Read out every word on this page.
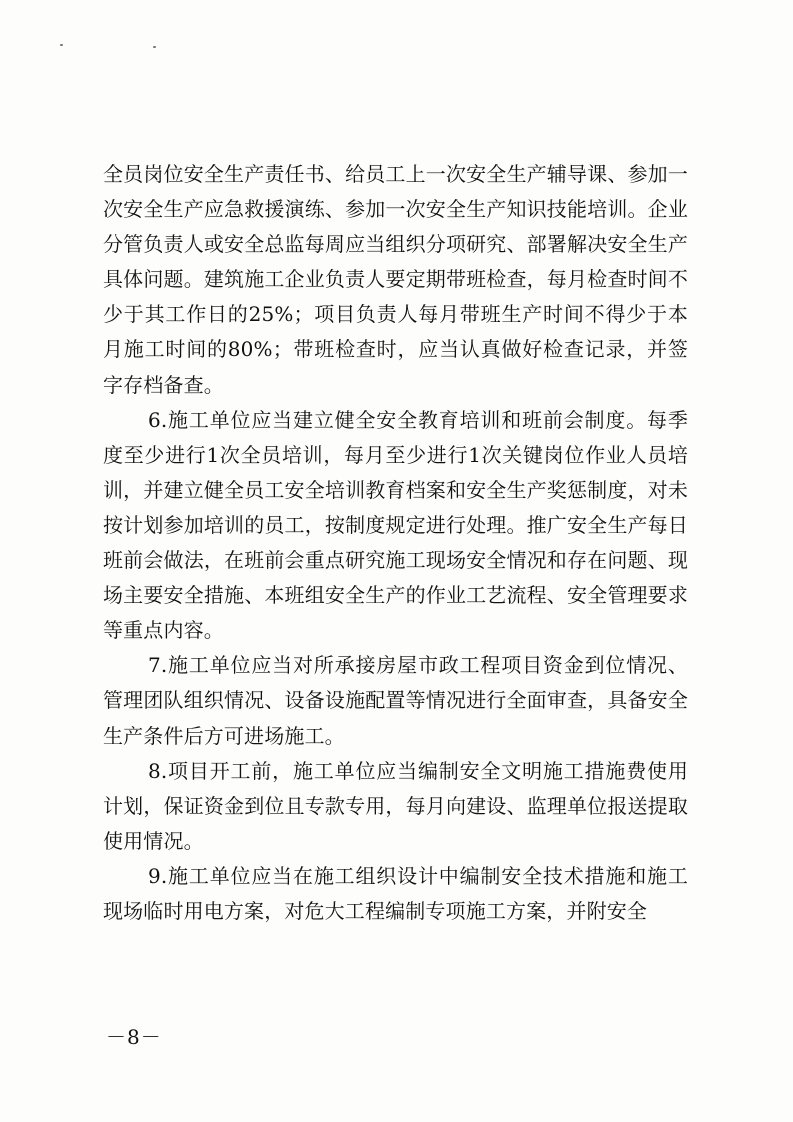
全员岗位安全生产责任书、给员工上一次安全生产辅导课、参加一次安全生产应急救援演练、参加一次安全生产知识技能培训。企业分管负责人或安全总监每周应当组织分项研究、部署解决安全生产具体问题。建筑施工企业负责人要定期带班检查，每月检查时间不少于其工作日的25%；项目负责人每月带班生产时间不得少于本月施工时间的80%；带班检查时，应当认真做好检查记录，并签字存档备查。

6.施工单位应当建立健全安全教育培训和班前会制度。每季度至少进行1次全员培训，每月至少进行1次关键岗位作业人员培训，并建立健全员工安全培训教育档案和安全生产奖惩制度，对未按计划参加培训的员工，按制度规定进行处理。推广安全生产每日班前会做法，在班前会重点研究施工现场安全情况和存在问题、现场主要安全措施、本班组安全生产的作业工艺流程、安全管理要求等重点内容。

7.施工单位应当对所承接房屋市政工程项目资金到位情况、管理团队组织情况、设备设施配置等情况进行全面审查，具备安全生产条件后方可进场施工。

8.项目开工前，施工单位应当编制安全文明施工措施费使用计划，保证资金到位且专款专用，每月向建设、监理单位报送提取使用情况。

9.施工单位应当在施工组织设计中编制安全技术措施和施工现场临时用电方案，对危大工程编制专项施工方案，并附安全

－8－
